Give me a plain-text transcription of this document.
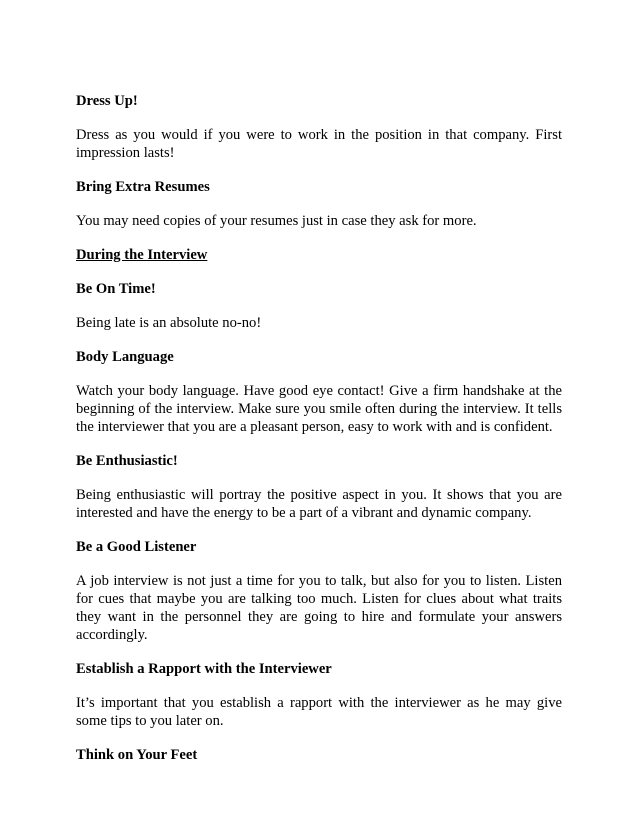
Dress Up!
Dress as you would if you were to work in the position in that company. First impression lasts!
Bring Extra Resumes
You may need copies of your resumes just in case they ask for more.
During the Interview
Be On Time!
Being late is an absolute no-no!
Body Language
Watch your body language. Have good eye contact! Give a firm handshake at the beginning of the interview. Make sure you smile often during the interview. It tells the interviewer that you are a pleasant person, easy to work with and is confident.
Be Enthusiastic!
Being enthusiastic will portray the positive aspect in you. It shows that you are interested and have the energy to be a part of a vibrant and dynamic company.
Be a Good Listener
A job interview is not just a time for you to talk, but also for you to listen. Listen for cues that maybe you are talking too much. Listen for clues about what traits they want in the personnel they are going to hire and formulate your answers accordingly.
Establish a Rapport with the Interviewer
It’s important that you establish a rapport with the interviewer as he may give some tips to you later on.
Think on Your Feet
